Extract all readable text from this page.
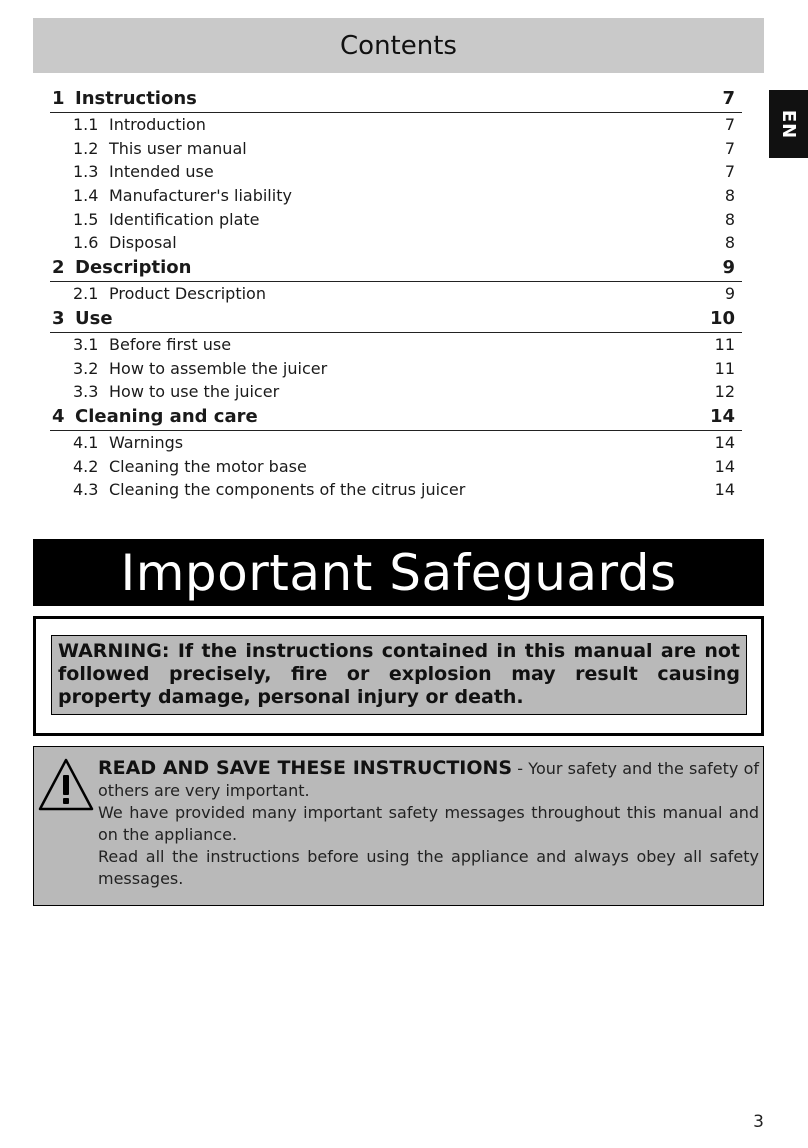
Contents
EN
1 Instructions	7
1.1 Introduction	7
1.2 This user manual	7
1.3 Intended use	7
1.4 Manufacturer's liability	8
1.5 Identification plate	8
1.6 Disposal	8
2 Description	9
2.1 Product Description	9
3 Use	10
3.1 Before first use	11
3.2 How to assemble the juicer	11
3.3 How to use the juicer	12
4 Cleaning and care	14
4.1 Warnings	14
4.2 Cleaning the motor base	14
4.3 Cleaning the components of the citrus juicer	14
Important Safeguards
WARNING: If the instructions contained in this manual are not followed precisely, fire or explosion may result causing property damage, personal injury or death.
READ AND SAVE THESE INSTRUCTIONS - Your safety and the safety of others are very important.
We have provided many important safety messages throughout this manual and on the appliance.
Read all the instructions before using the appliance and always obey all safety messages.
3
